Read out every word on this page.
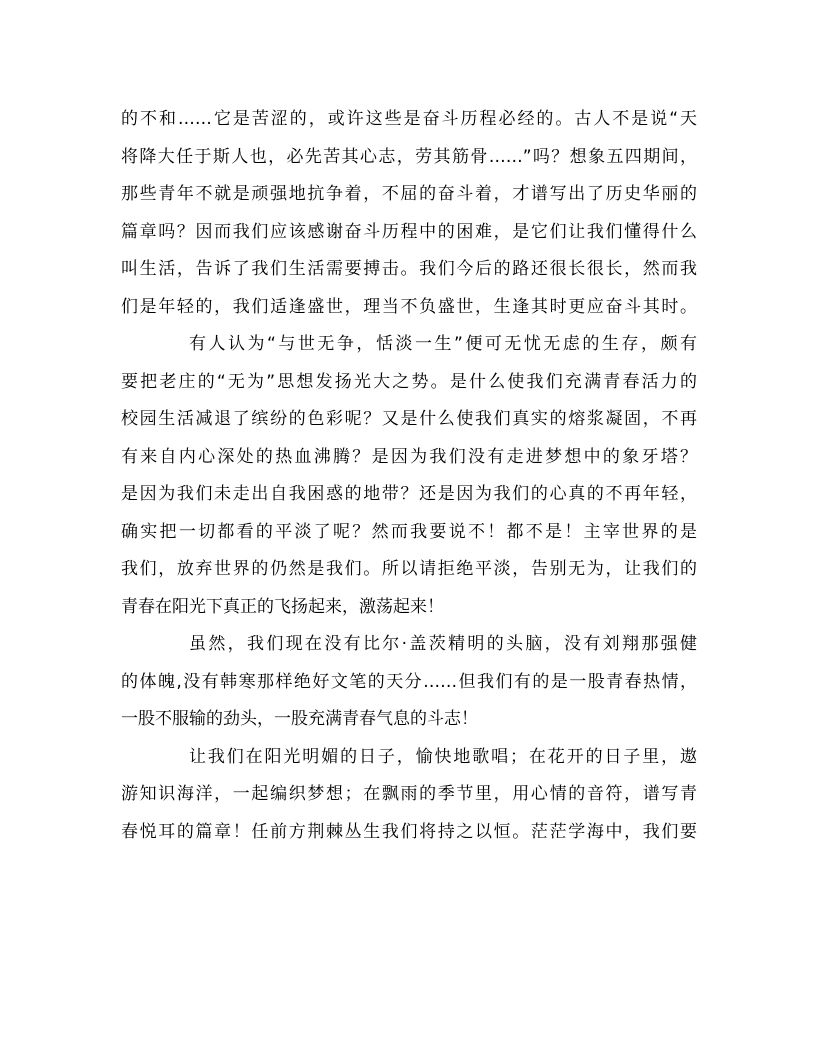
的不和……它是苦涩的，或许这些是奋斗历程必经的。古人不是说“天
将降大任于斯人也，必先苦其心志，劳其筋骨……”吗？想象五四期间，
那些青年不就是顽强地抗争着，不屈的奋斗着，才谱写出了历史华丽的
篇章吗？因而我们应该感谢奋斗历程中的困难，是它们让我们懂得什么
叫生活，告诉了我们生活需要搏击。我们今后的路还很长很长，然而我
们是年轻的，我们适逢盛世，理当不负盛世，生逢其时更应奋斗其时。

有人认为“与世无争，恬淡一生”便可无忧无虑的生存，颇有
要把老庄的“无为”思想发扬光大之势。是什么使我们充满青春活力的
校园生活减退了缤纷的色彩呢？又是什么使我们真实的熔浆凝固，不再
有来自内心深处的热血沸腾？是因为我们没有走进梦想中的象牙塔？
是因为我们未走出自我困惑的地带？还是因为我们的心真的不再年轻，
确实把一切都看的平淡了呢？然而我要说不！都不是！主宰世界的是
我们，放弃世界的仍然是我们。所以请拒绝平淡，告别无为，让我们的
青春在阳光下真正的飞扬起来，激荡起来！

虽然，我们现在没有比尔·盖茨精明的头脑，没有刘翔那强健
的体魄,没有韩寒那样绝好文笔的天分……但我们有的是一股青春热情，
一股不服输的劲头，一股充满青春气息的斗志！

让我们在阳光明媚的日子，愉快地歌唱；在花开的日子里，遨
游知识海洋，一起编织梦想；在飘雨的季节里，用心情的音符，谱写青
春悦耳的篇章！任前方荆棘丛生我们将持之以恒。茫茫学海中，我们要
